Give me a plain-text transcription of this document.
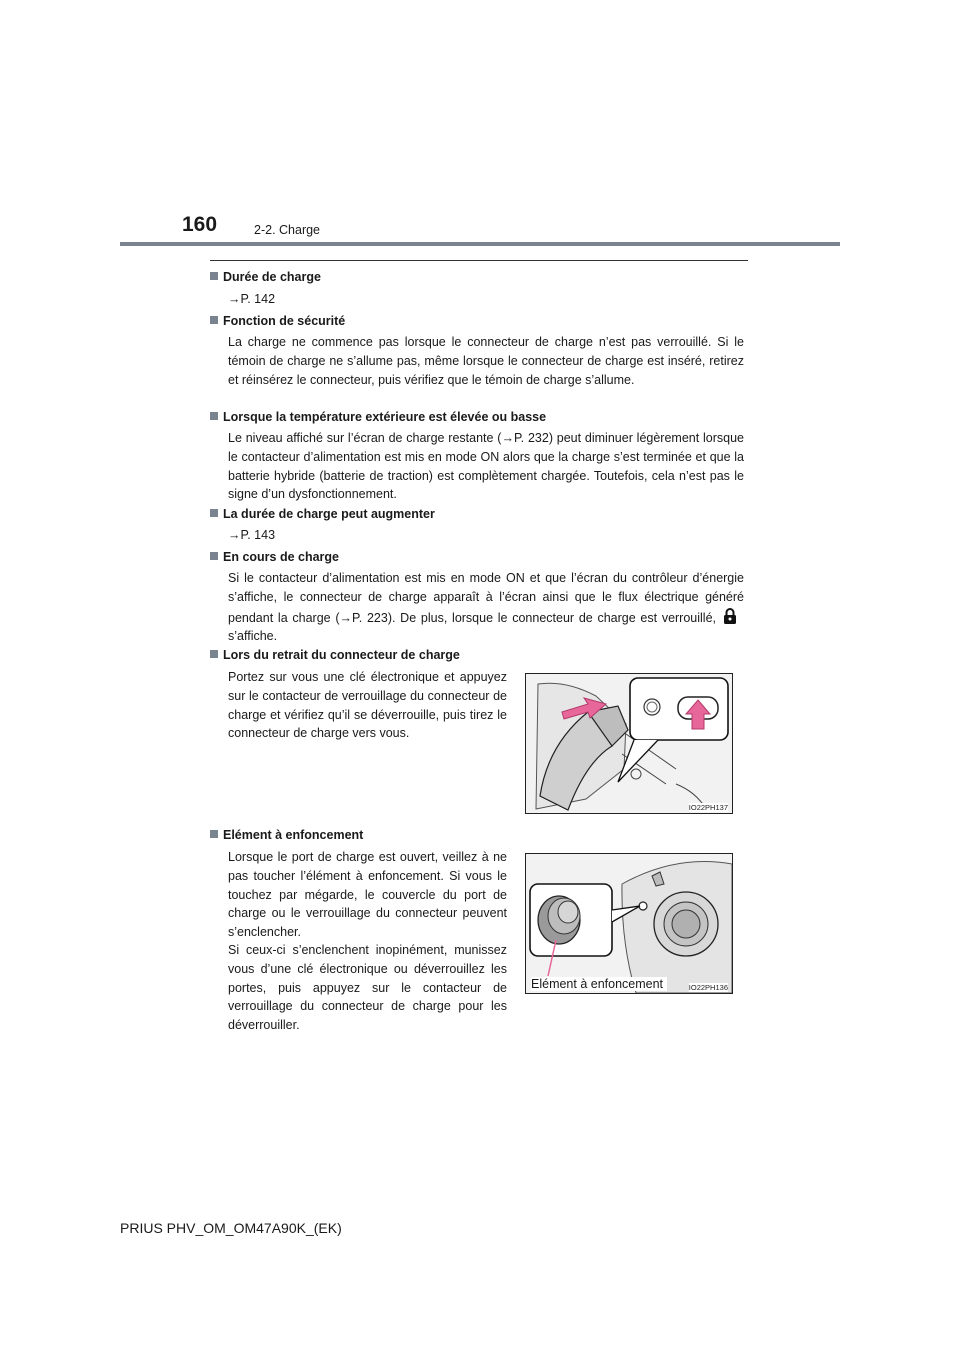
160	2-2. Charge
Durée de charge
→P. 142
Fonction de sécurité

La charge ne commence pas lorsque le connecteur de charge n’est pas verrouillé. Si le témoin de charge ne s’allume pas, même lorsque le connecteur de charge est inséré, retirez et réinsérez le connecteur, puis vérifiez que le témoin de charge s’allume.

Lorsque la température extérieure est élevée ou basse

Le niveau affiché sur l’écran de charge restante (→P. 232) peut diminuer légèrement lorsque le contacteur d’alimentation est mis en mode ON alors que la charge s’est terminée et que la batterie hybride (batterie de traction) est complètement chargée. Toutefois, cela n’est pas le signe d’un dysfonctionnement.

La durée de charge peut augmenter
→P. 143
En cours de charge

Si le contacteur d’alimentation est mis en mode ON et que l’écran du contrôleur d’énergie s’affiche, le connecteur de charge apparaît à l’écran ainsi que le flux électrique généré pendant la charge (→P. 223). De plus, lorsque le connecteur de charge est verrouillé,s’affiche.

Lors du retrait du connecteur de charge

Portez sur vous une clé électronique et appuyez sur le contacteur de verrouillage du connecteur de charge et vérifiez qu’il se déverrouille, puis tirez le connecteur de charge vers vous.

IO22PH137
Elément à enfoncement

Lorsque le port de charge est ouvert, veillez à ne pas toucher l’élément à enfoncement. Si vous le touchez par mégarde, le couvercle du port de charge ou le verrouillage du connecteur peuvent s’enclencher.

Si ceux-ci s’enclenchent inopinément, munissez vous d’une clé électronique ou déverrouillez les portes, puis appuyez sur le contacteur de verrouillage du connecteur de charge pour les déverrouiller.

Elément à enfoncement	IO22PH136
PRIUS PHV_OM_OM47A90K_(EK)
